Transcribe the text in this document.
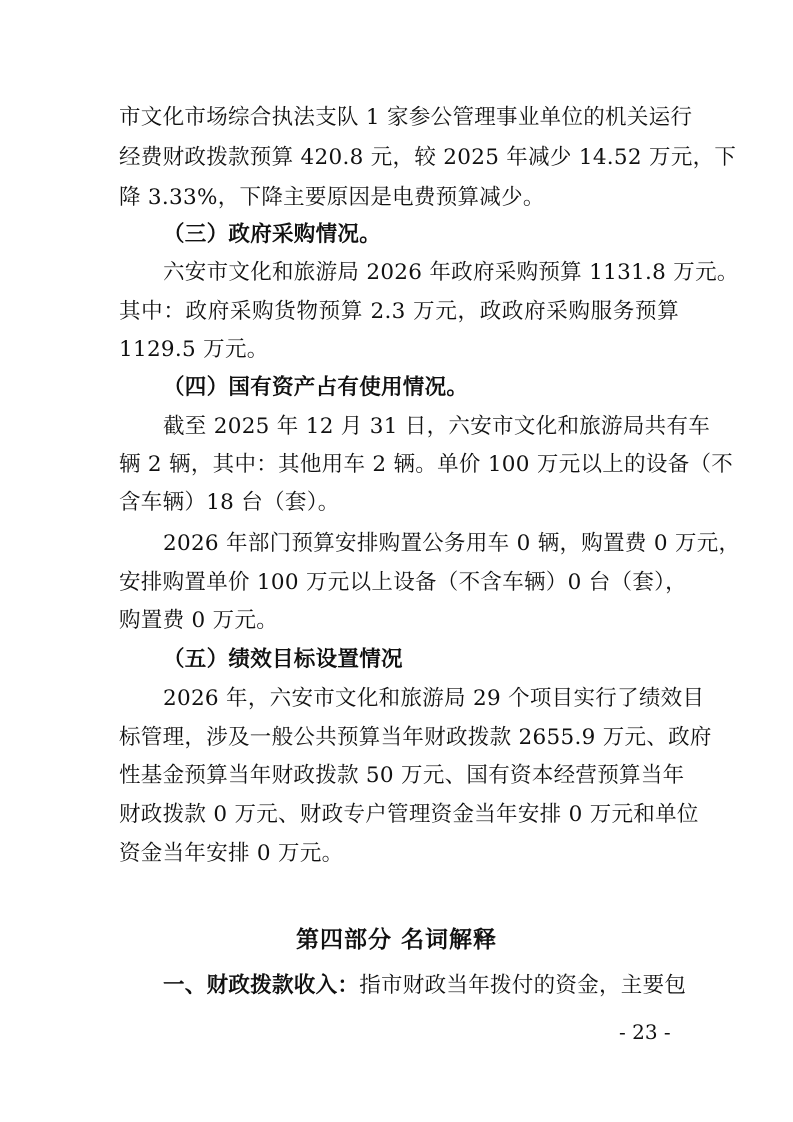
市文化市场综合执法支队 1 家参公管理事业单位的机关运行
经费财政拨款预算 420.8 元，较 2025 年减少 14.52 万元，下
降 3.33%，下降主要原因是电费预算减少。
（三）政府采购情况。
六安市文化和旅游局 2026 年政府采购预算 1131.8 万元。
其中：政府采购货物预算 2.3 万元，政政府采购服务预算
1129.5 万元。
（四）国有资产占有使用情况。
截至 2025 年 12 月 31 日，六安市文化和旅游局共有车
辆 2 辆，其中：其他用车 2 辆。单价 100 万元以上的设备（不
含车辆）18 台（套）。
2026 年部门预算安排购置公务用车 0 辆，购置费 0 万元，
安排购置单价 100 万元以上设备（不含车辆）0 台（套），
购置费 0 万元。
（五）绩效目标设置情况
2026 年，六安市文化和旅游局 29 个项目实行了绩效目
标管理，涉及一般公共预算当年财政拨款 2655.9 万元、政府
性基金预算当年财政拨款 50 万元、国有资本经营预算当年
财政拨款 0 万元、财政专户管理资金当年安排 0 万元和单位
资金当年安排 0 万元。
第四部分 名词解释
一、财政拨款收入：指市财政当年拨付的资金，主要包
- 23 -
